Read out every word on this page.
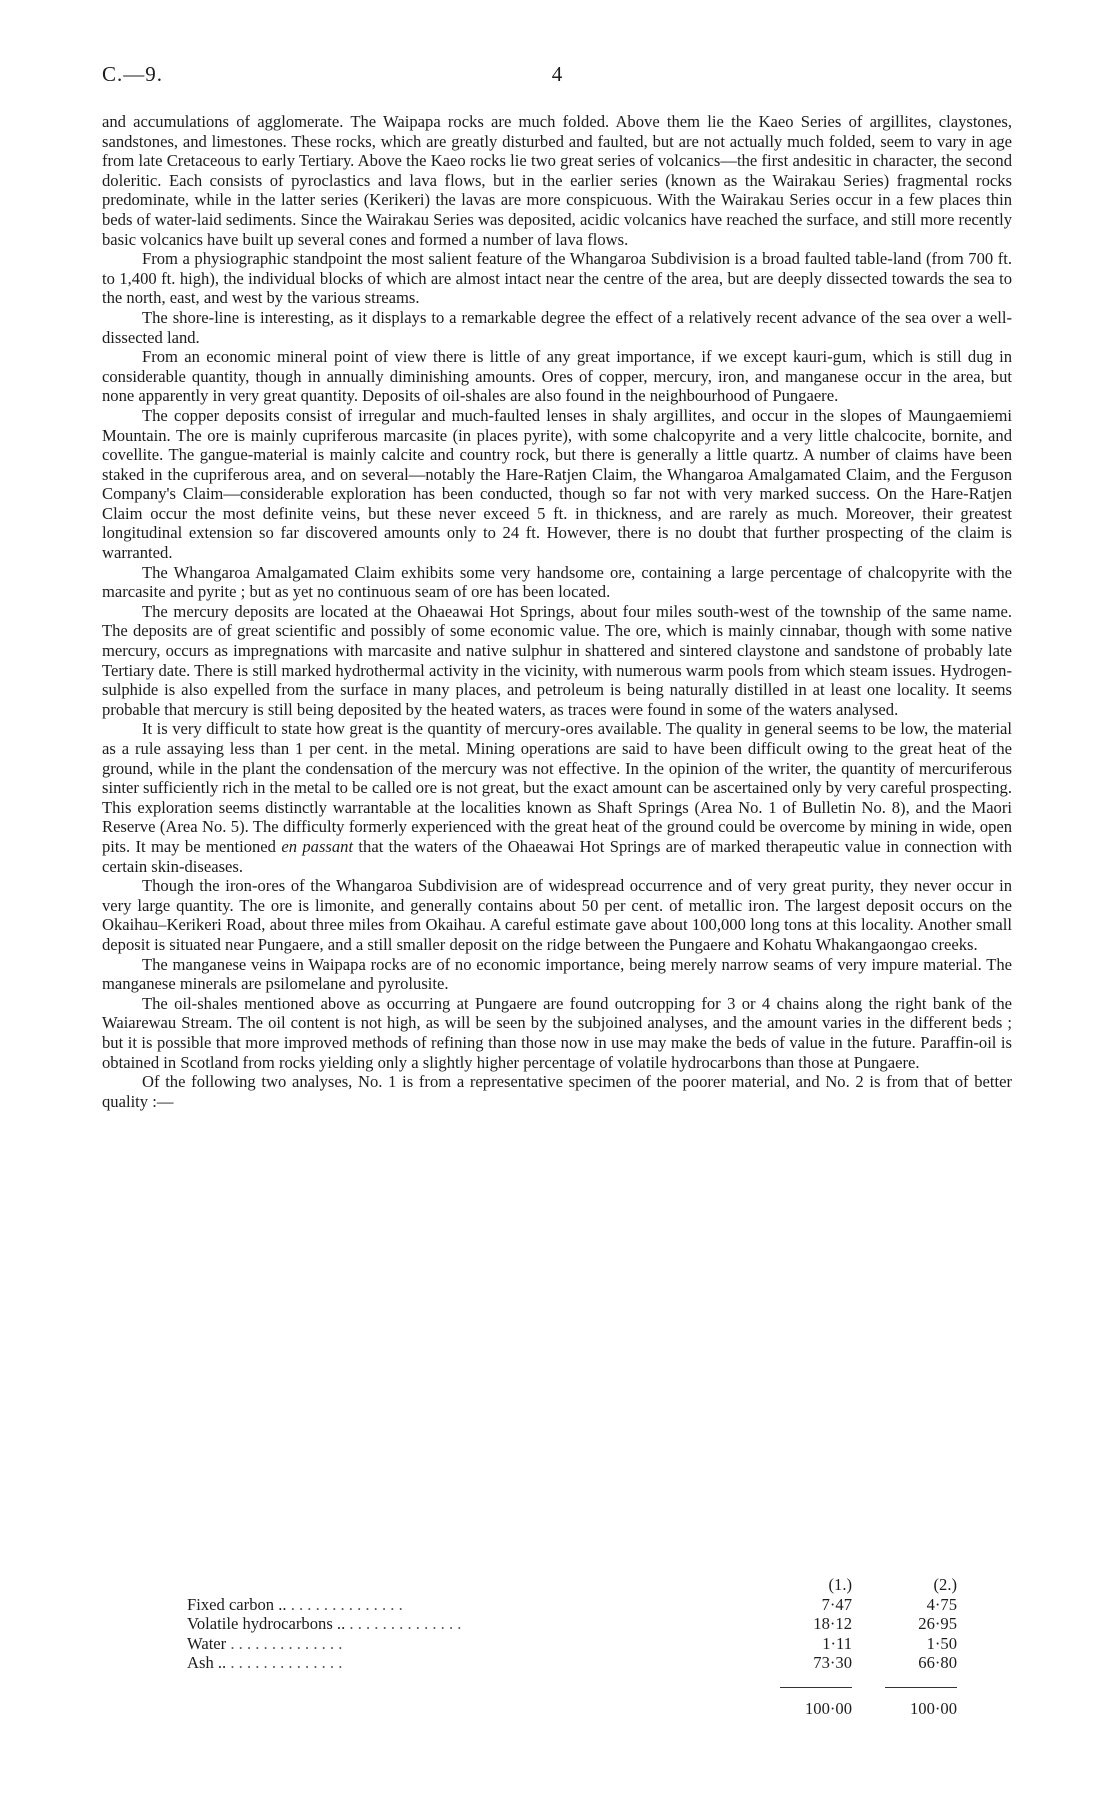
C.—9.	4

and accumulations of agglomerate. The Waipapa rocks are much folded. Above them lie the Kaeo Series of argillites, claystones, sandstones, and limestones. These rocks, which are greatly disturbed and faulted, but are not actually much folded, seem to vary in age from late Cretaceous to early Tertiary. Above the Kaeo rocks lie two great series of volcanics—the first andesitic in character, the second doleritic. Each consists of pyroclastics and lava flows, but in the earlier series (known as the Wairakau Series) fragmental rocks predominate, while in the latter series (Kerikeri) the lavas are more conspicuous. With the Wairakau Series occur in a few places thin beds of water-laid sediments. Since the Wairakau Series was deposited, acidic volcanics have reached the surface, and still more recently basic volcanics have built up several cones and formed a number of lava flows.

From a physiographic standpoint the most salient feature of the Whangaroa Subdivision is a broad faulted table-land (from 700 ft. to 1,400 ft. high), the individual blocks of which are almost intact near the centre of the area, but are deeply dissected towards the sea to the north, east, and west by the various streams.

The shore-line is interesting, as it displays to a remarkable degree the effect of a relatively recent advance of the sea over a well-dissected land.

From an economic mineral point of view there is little of any great importance, if we except kauri-gum, which is still dug in considerable quantity, though in annually diminishing amounts. Ores of copper, mercury, iron, and manganese occur in the area, but none apparently in very great quantity. Deposits of oil-shales are also found in the neighbourhood of Pungaere.

The copper deposits consist of irregular and much-faulted lenses in shaly argillites, and occur in the slopes of Maungaemiemi Mountain. The ore is mainly cupriferous marcasite (in places pyrite), with some chalcopyrite and a very little chalcocite, bornite, and covellite. The gangue-material is mainly calcite and country rock, but there is generally a little quartz. A number of claims have been staked in the cupriferous area, and on several—notably the Hare-Ratjen Claim, the Whangaroa Amalgamated Claim, and the Ferguson Company's Claim—considerable exploration has been conducted, though so far not with very marked success. On the Hare-Ratjen Claim occur the most definite veins, but these never exceed 5 ft. in thickness, and are rarely as much. Moreover, their greatest longitudinal extension so far discovered amounts only to 24 ft. However, there is no doubt that further prospecting of the claim is warranted.

The Whangaroa Amalgamated Claim exhibits some very handsome ore, containing a large percentage of chalcopyrite with the marcasite and pyrite ; but as yet no continuous seam of ore has been located.

The mercury deposits are located at the Ohaeawai Hot Springs, about four miles south-west of the township of the same name. The deposits are of great scientific and possibly of some economic value. The ore, which is mainly cinnabar, though with some native mercury, occurs as impregnations with marcasite and native sulphur in shattered and sintered claystone and sandstone of probably late Tertiary date. There is still marked hydrothermal activity in the vicinity, with numerous warm pools from which steam issues. Hydrogen-sulphide is also expelled from the surface in many places, and petroleum is being naturally distilled in at least one locality. It seems probable that mercury is still being deposited by the heated waters, as traces were found in some of the waters analysed.

It is very difficult to state how great is the quantity of mercury-ores available. The quality in general seems to be low, the material as a rule assaying less than 1 per cent. in the metal. Mining operations are said to have been difficult owing to the great heat of the ground, while in the plant the condensation of the mercury was not effective. In the opinion of the writer, the quantity of mercuriferous sinter sufficiently rich in the metal to be called ore is not great, but the exact amount can be ascertained only by very careful prospecting. This exploration seems distinctly warrantable at the localities known as Shaft Springs (Area No. 1 of Bulletin No. 8), and the Maori Reserve (Area No. 5). The difficulty formerly experienced with the great heat of the ground could be overcome by mining in wide, open pits. It may be mentioned en passant that the waters of the Ohaeawai Hot Springs are of marked therapeutic value in connection with certain skin-diseases.

Though the iron-ores of the Whangaroa Subdivision are of widespread occurrence and of very great purity, they never occur in very large quantity. The ore is limonite, and generally contains about 50 per cent. of metallic iron. The largest deposit occurs on the Okaihau–Kerikeri Road, about three miles from Okaihau. A careful estimate gave about 100,000 long tons at this locality. Another small deposit is situated near Pungaere, and a still smaller deposit on the ridge between the Pungaere and Kohatu Whakangaongao creeks.

The manganese veins in Waipapa rocks are of no economic importance, being merely narrow seams of very impure material. The manganese minerals are psilomelane and pyrolusite.

The oil-shales mentioned above as occurring at Pungaere are found outcropping for 3 or 4 chains along the right bank of the Waiarewau Stream. The oil content is not high, as will be seen by the subjoined analyses, and the amount varies in the different beds ; but it is possible that more improved methods of refining than those now in use may make the beds of value in the future. Paraffin-oil is obtained in Scotland from rocks yielding only a slightly higher percentage of volatile hydrocarbons than those at Pungaere.

Of the following two analyses, No. 1 is from a representative specimen of the poorer material, and No. 2 is from that of better quality :—

	(1.)	(2.)
Fixed carbon .. . . . . . . . . . . . . . .	7·47	4·75
Volatile hydrocarbons .. . . . . . . . . . . . . . .	18·12	26·95
Water . . . . . . . . . . . . . .	1·11	1·50
Ash .. . . . . . . . . . . . . . .	73·30	66·80

	100·00	100·00
